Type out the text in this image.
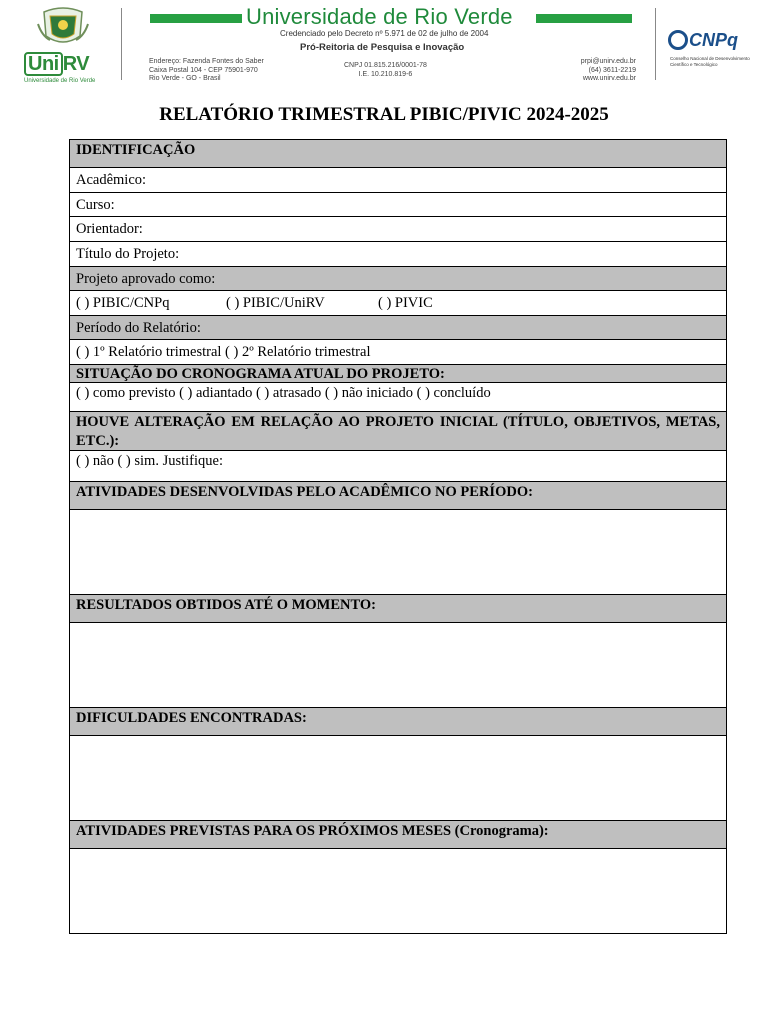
Uni RV
Universidade de Rio Verde
Universidade de Rio Verde
Credenciado pelo Decreto nº 5.971 de 02 de julho de 2004
Pró-Reitoria de Pesquisa e Inovação
Endereço: Fazenda Fontes do Saber
Caixa Postal 104 - CEP 75901-970
Rio Verde - GO - Brasil
CNPJ 01.815.216/0001-78
I.E. 10.210.819-6
prpi@unirv.edu.br
(64) 3611-2219
www.unirv.edu.br
CNPq
Conselho Nacional de Desenvolvimento Científico e Tecnológico
RELATÓRIO TRIMESTRAL PIBIC/PIVIC 2024-2025
IDENTIFICAÇÃO
Acadêmico:
Curso:
Orientador:
Título do Projeto:
Projeto aprovado como:
( ) PIBIC/CNPq	( ) PIBIC/UniRV	( ) PIVIC
Período do Relatório:
( ) 1º Relatório trimestral ( ) 2º Relatório trimestral
SITUAÇÃO DO CRONOGRAMA ATUAL DO PROJETO:
( ) como previsto ( ) adiantado ( ) atrasado ( ) não iniciado ( ) concluído
HOUVE ALTERAÇÃO EM RELAÇÃO AO PROJETO INICIAL (TÍTULO, OBJETIVOS, METAS, ETC.):
( ) não ( ) sim. Justifique:
ATIVIDADES DESENVOLVIDAS PELO ACADÊMICO NO PERÍODO:
RESULTADOS OBTIDOS ATÉ O MOMENTO:
DIFICULDADES ENCONTRADAS:
ATIVIDADES PREVISTAS PARA OS PRÓXIMOS MESES (Cronograma):
